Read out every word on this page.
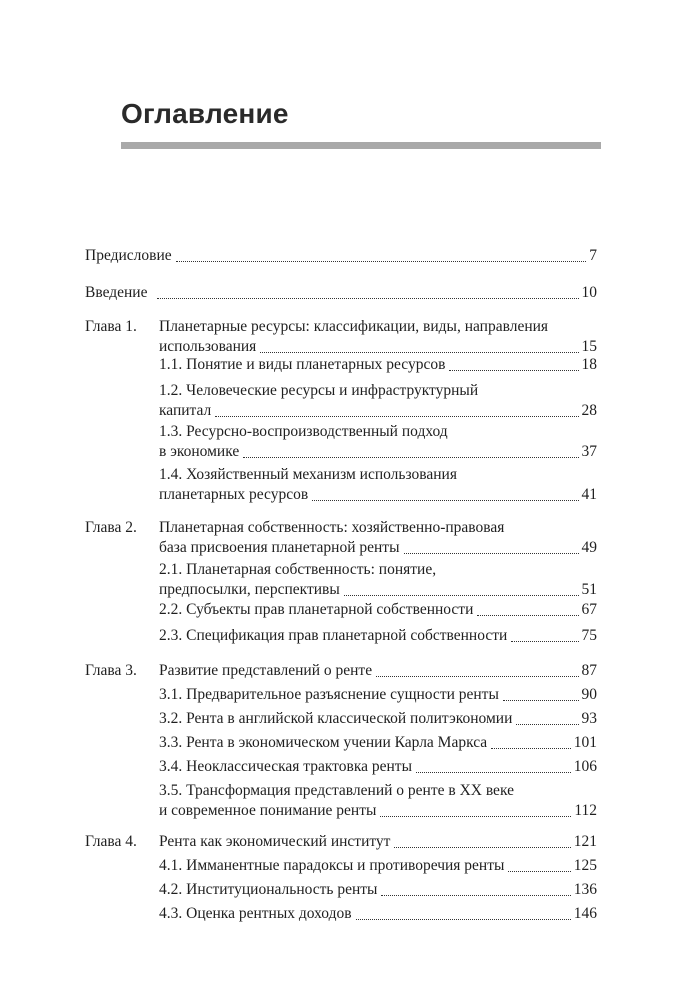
Оглавление
Предисловие	7
Введение	10
Глава 1. Планетарные ресурсы: классификации, виды, направления
использования	15
1.1. Понятие и виды планетарных ресурсов	18
1.2. Человеческие ресурсы и инфраструктурный
капитал	28
1.3. Ресурсно-воспроизводственный подход
в экономике	37
1.4. Хозяйственный механизм использования
планетарных ресурсов	41
Глава 2. Планетарная собственность: хозяйственно-правовая
база присвоения планетарной ренты	49
2.1. Планетарная собственность: понятие,
предпосылки, перспективы	51
2.2. Субъекты прав планетарной собственности	67
2.3. Спецификация прав планетарной собственности	75
Глава 3. Развитие представлений о ренте	87
3.1. Предварительное разъяснение сущности ренты	90
3.2. Рента в английской классической политэкономии	93
3.3. Рента в экономическом учении Карла Маркса	101
3.4. Неоклассическая трактовка ренты	106
3.5. Трансформация представлений о ренте в XX веке
и современное понимание ренты	112
Глава 4. Рента как экономический институт	121
4.1. Имманентные парадоксы и противоречия ренты	125
4.2. Институциональность ренты	136
4.3. Оценка рентных доходов	146
